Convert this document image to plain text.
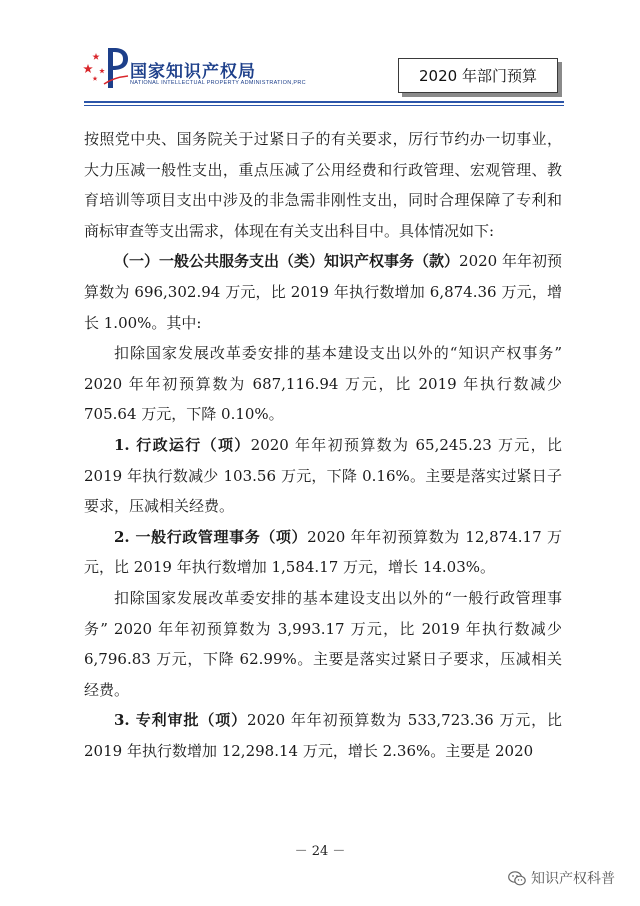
国家知识产权局
NATIONAL INTELLECTUAL PROPERTY ADMINISTRATION,PRC	2020 年部门预算

按照党中央、国务院关于过紧日子的有关要求，厉行节约办一切事业，大力压减一般性支出，重点压减了公用经费和行政管理、宏观管理、教育培训等项目支出中涉及的非急需非刚性支出，同时合理保障了专利和商标审查等支出需求，体现在有关支出科目中。具体情况如下:

（一）一般公共服务支出（类）知识产权事务（款）2020 年年初预算数为 696,302.94 万元，比 2019 年执行数增加 6,874.36 万元，增长 1.00%。其中:

扣除国家发展改革委安排的基本建设支出以外的“知识产权事务” 2020 年年初预算数为 687,116.94 万元，比 2019 年执行数减少 705.64 万元，下降 0.10%。

1. 行政运行（项）2020 年年初预算数为 65,245.23 万元，比 2019 年执行数减少 103.56 万元，下降 0.16%。主要是落实过紧日子要求，压减相关经费。

2. 一般行政管理事务（项）2020 年年初预算数为 12,874.17 万元，比 2019 年执行数增加 1,584.17 万元，增长 14.03%。

扣除国家发展改革委安排的基本建设支出以外的“一般行政管理事务” 2020 年年初预算数为 3,993.17 万元，比 2019 年执行数减少 6,796.83 万元，下降 62.99%。主要是落实过紧日子要求，压减相关经费。

3. 专利审批（项）2020 年年初预算数为 533,723.36 万元，比 2019 年执行数增加 12,298.14 万元，增长 2.36%。主要是 2020

－ 24 －
知识产权科普
